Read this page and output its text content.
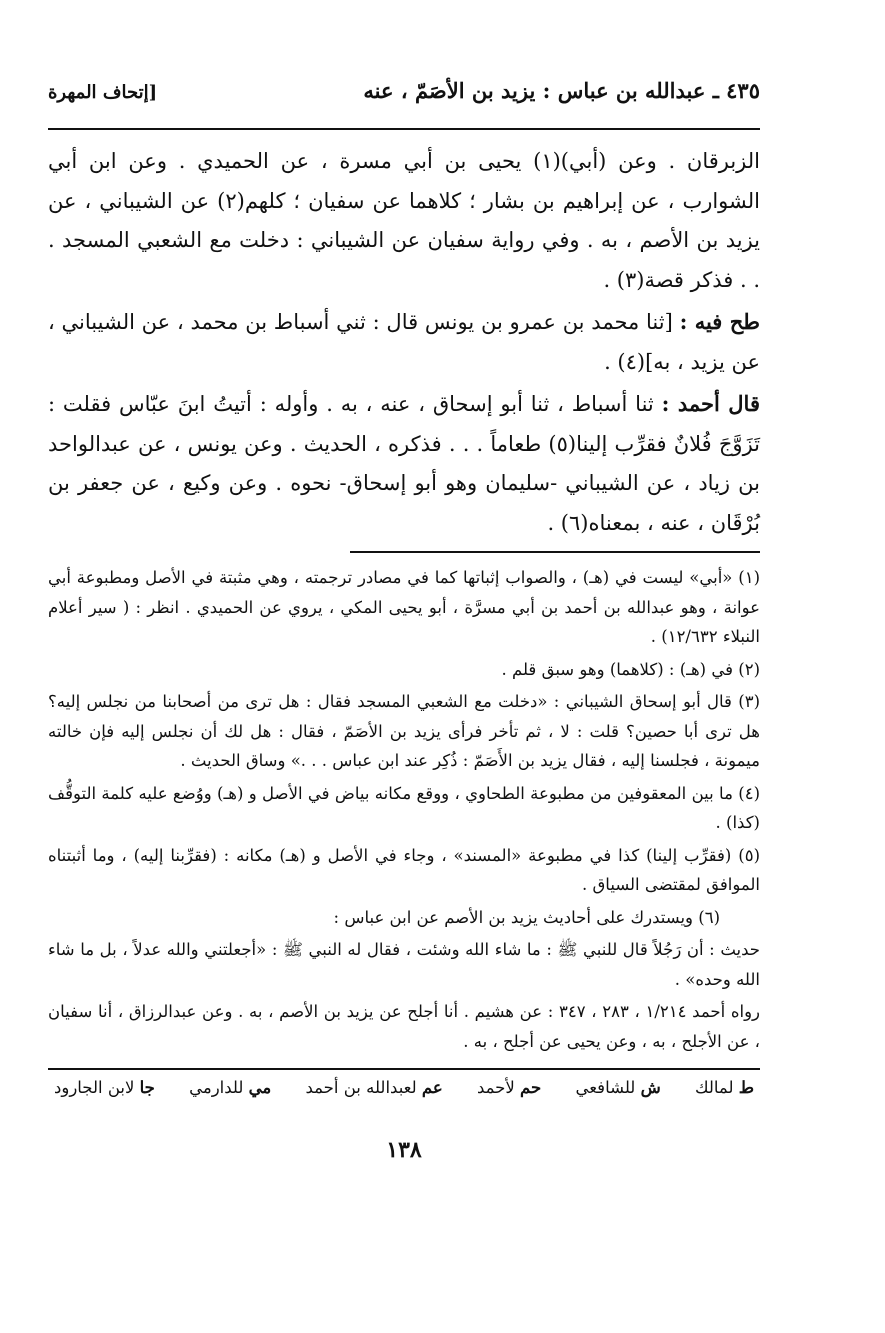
٤٣٥ ـ عبدالله بن عباس : يزيد بن الأصَمّ ، عنه
[إتحاف المهرة

الزبرقان . وعن (أبي)(١) يحيى بن أبي مسرة ، عن الحميدي . وعن ابن أبي الشوارب ، عن إبراهيم بن بشار ؛ كلاهما عن سفيان ؛ كلهم(٢) عن الشيباني ، عن يزيد بن الأصم ، به . وفي رواية سفيان عن الشيباني : دخلت مع الشعبي المسجد . . . فذكر قصة(٣) .

طح فيه : [ثنا محمد بن عمرو بن يونس قال : ثني أسباط بن محمد ، عن الشيباني ، عن يزيد ، به](٤) .

قال أحمد : ثنا أسباط ، ثنا أبو إسحاق ، عنه ، به . وأوله : أتيتُ ابنَ عبّاس فقلت : تَزَوَّجَ فُلانٌ فقرِّب إلينا(٥) طعاماً . . . فذكره ، الحديث . وعن يونس ، عن عبدالواحد بن زياد ، عن الشيباني -سليمان وهو أبو إسحاق- نحوه . وعن وكيع ، عن جعفر بن بُرْقَان ، عنه ، بمعناه(٦) .

(١) «أبي» ليست في (هـ) ، والصواب إثباتها كما في مصادر ترجمته ، وهي مثبتة في الأصل ومطبوعة أبي عوانة ، وهو عبدالله بن أحمد بن أبي مسرَّة ، أبو يحيى المكي ، يروي عن الحميدي . انظر : ( سير أعلام النبلاء ١٢/٦٣٢) .

(٢) في (هـ) : (كلاهما) وهو سبق قلم .

(٣) قال أبو إسحاق الشيباني : «دخلت مع الشعبي المسجد فقال : هل ترى من أصحابنا من نجلس إليه؟ هل ترى أبا حصين؟ قلت : لا ، ثم تأخر فرأى يزيد بن الأصَمّ ، فقال : هل لك أن نجلس إليه فإن خالته ميمونة ، فجلسنا إليه ، فقال يزيد بن الأَصَمّ : ذُكِر عند ابن عباس . . .» وساق الحديث .

(٤) ما بين المعقوفين من مطبوعة الطحاوي ، ووقع مكانه بياض في الأصل و (هـ) ووُضع عليه كلمة التوقُّف (كذا) .

(٥) (فقرِّب إلينا) كذا في مطبوعة «المسند» ، وجاء في الأصل و (هـ) مكانه : (فقرِّبنا إليه) ، وما أثبتناه الموافق لمقتضى السياق .

(٦) ويستدرك على أحاديث يزيد بن الأصم عن ابن عباس :

حديث : أن رَجُلاً قال للنبي ﷺ : ما شاء الله وشئت ، فقال له النبي ﷺ : «أجعلتني والله عدلاً ، بل ما شاء الله وحده» .

رواه أحمد ١/٢١٤ ، ٢٨٣ ، ٣٤٧ : عن هشيم . أنا أجلح عن يزيد بن الأصم ، به . وعن عبدالرزاق ، أنا سفيان ، عن الأجلح ، به ، وعن يحيى عن أجلح ، به .

ط لمالك
ش للشافعي
حم لأحمد
عم لعبدالله بن أحمد
مي للدارمي
جا لابن الجارود
١٣٨
